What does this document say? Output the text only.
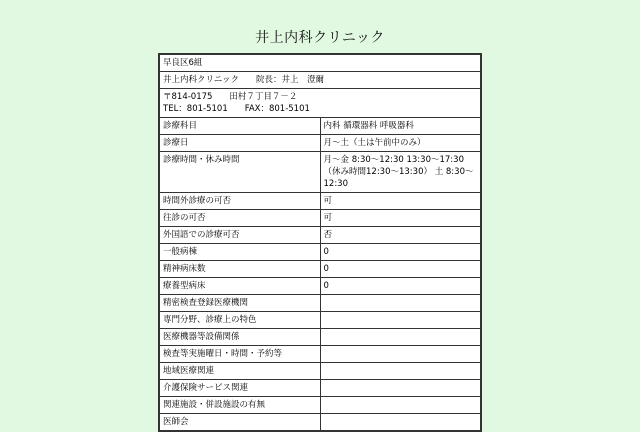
井上内科クリニック
早良区6組	
井上内科クリニック　　院長：井上　澄爾	

〒814-0175　　田村７丁目７－２
TEL：801-5101　　FAX：801-5101	

診療科目	内科 循環器科 呼吸器科
診療日	月〜土（土は午前中のみ）
診療時間・休み時間	月〜金 8:30〜12:30 13:30〜17:30 （休み時間12:30〜13:30） 土 8:30〜12:30
時間外診療の可否	可
往診の可否	可
外国語での診療可否	否
一般病棟	0
精神病床数	0
療養型病床	0
精密検査登録医療機関	
専門分野、診療上の特色	
医療機器等設備関係	
検査等実施曜日・時間・予約等	
地域医療関連	
介護保険サービス関連	
関連施設・併設施設の有無	
医師会	
